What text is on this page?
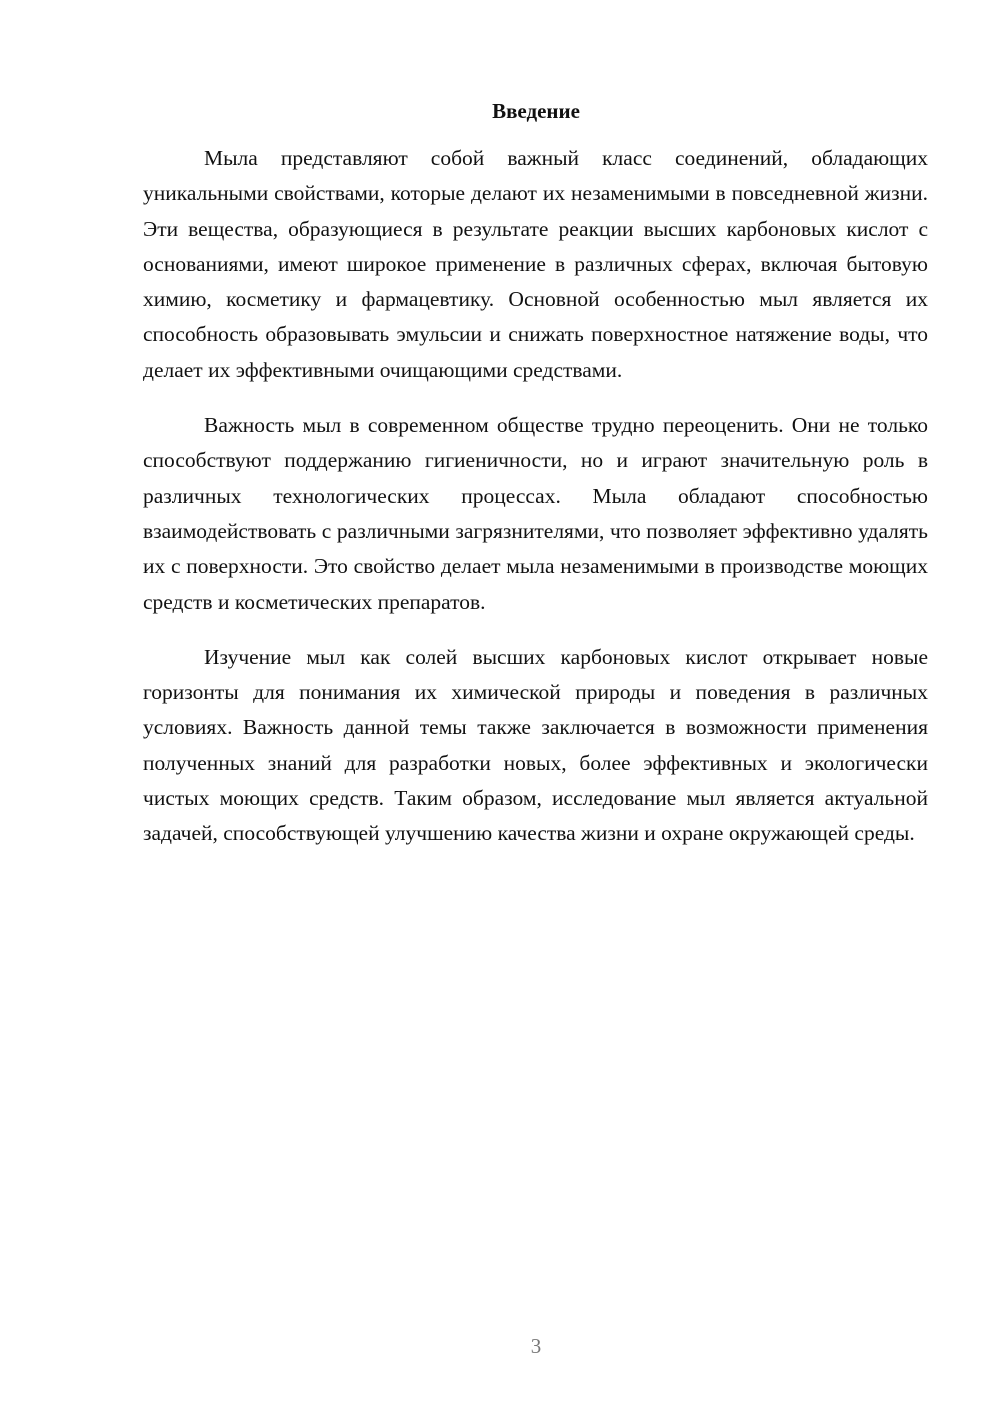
Введение

Мыла представляют собой важный класс соединений, обладающих уникальными свойствами, которые делают их незаменимыми в повседневной жизни. Эти вещества, образующиеся в результате реакции высших карбоновых кислот с основаниями, имеют широкое применение в различных сферах, включая бытовую химию, косметику и фармацевтику. Основной особенностью мыл является их способность образовывать эмульсии и снижать поверхностное натяжение воды, что делает их эффективными очищающими средствами.

Важность мыл в современном обществе трудно переоценить. Они не только способствуют поддержанию гигиеничности, но и играют значительную роль в различных технологических процессах. Мыла обладают способностью взаимодействовать с различными загрязнителями, что позволяет эффективно удалять их с поверхности. Это свойство делает мыла незаменимыми в производстве моющих средств и косметических препаратов.

Изучение мыл как солей высших карбоновых кислот открывает новые горизонты для понимания их химической природы и поведения в различных условиях. Важность данной темы также заключается в возможности применения полученных знаний для разработки новых, более эффективных и экологически чистых моющих средств. Таким образом, исследование мыл является актуальной задачей, способствующей улучшению качества жизни и охране окружающей среды.

3
